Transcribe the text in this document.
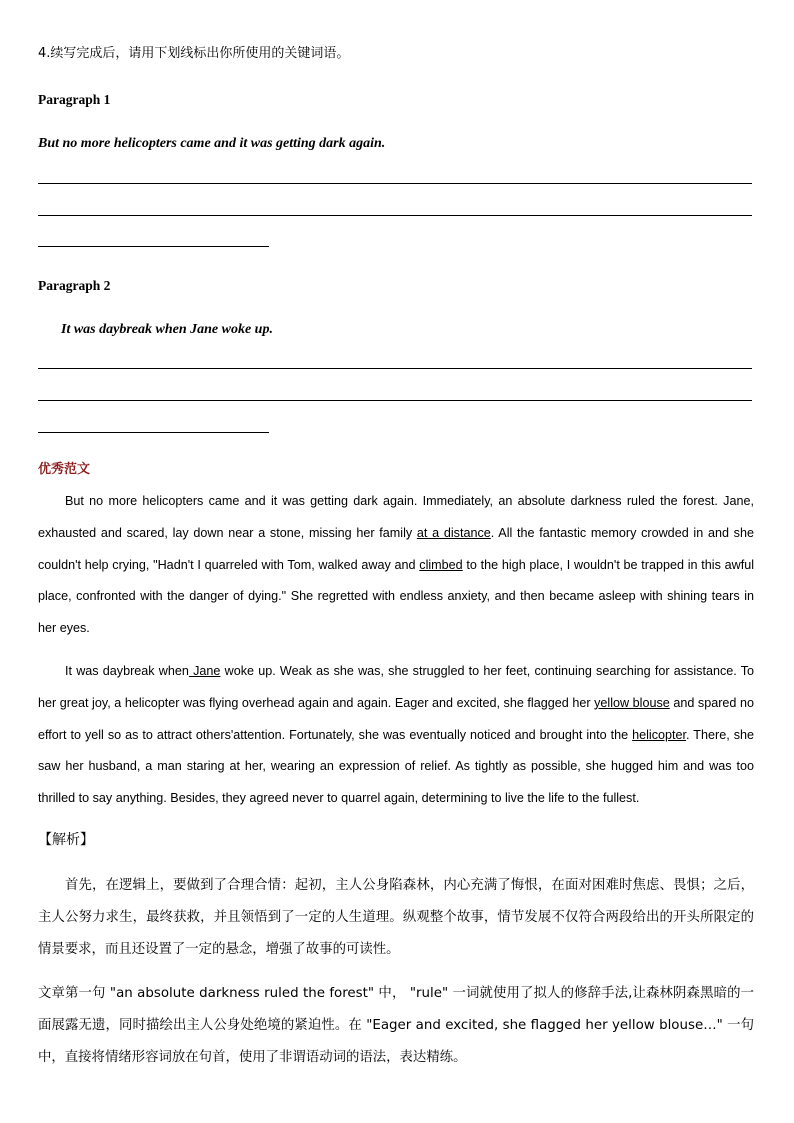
4.续写完成后，请用下划线标出你所使用的关键词语。
Paragraph 1
But no more helicopters came and it was getting dark again.
Paragraph 2
It was daybreak when Jane woke up.
优秀范文

But no more helicopters came and it was getting dark again. Immediately, an absolute darkness ruled the forest. Jane, exhausted and scared, lay down near a stone, missing her family at a distance. All the fantastic memory crowded in and she couldn't help crying, "Hadn't I quarreled with Tom, walked away and climbed to the high place, I wouldn't be trapped in this awful place, confronted with the danger of dying." She regretted with endless anxiety, and then became asleep with shining tears in her eyes.

It was daybreak when Jane woke up. Weak as she was, she struggled to her feet, continuing searching for assistance. To her great joy, a helicopter was flying overhead again and again. Eager and excited, she flagged her yellow blouse and spared no effort to yell so as to attract others'attention. Fortunately, she was eventually noticed and brought into the helicopter. There, she saw her husband, a man staring at her, wearing an expression of relief. As tightly as possible, she hugged him and was too thrilled to say anything. Besides, they agreed never to quarrel again, determining to live the life to the fullest.

【解析】

首先，在逻辑上，要做到了合理合情：起初，主人公身陷森林，内心充满了悔恨，在面对困难时焦虑、畏惧；之后，主人公努力求生，最终获救，并且领悟到了一定的人生道理。纵观整个故事，情节发展不仅符合两段给出的开头所限定的情景要求，而且还设置了一定的悬念，增强了故事的可读性。

文章第一句 "an absolute darkness ruled the forest" 中， "rule" 一词就使用了拟人的修辞手法,让森林阴森黑暗的一面展露无遗，同时描绘出主人公身处绝境的紧迫性。在 "Eager and excited, she flagged her yellow blouse…" 一句中，直接将情绪形容词放在句首，使用了非谓语动词的语法，表达精练。
